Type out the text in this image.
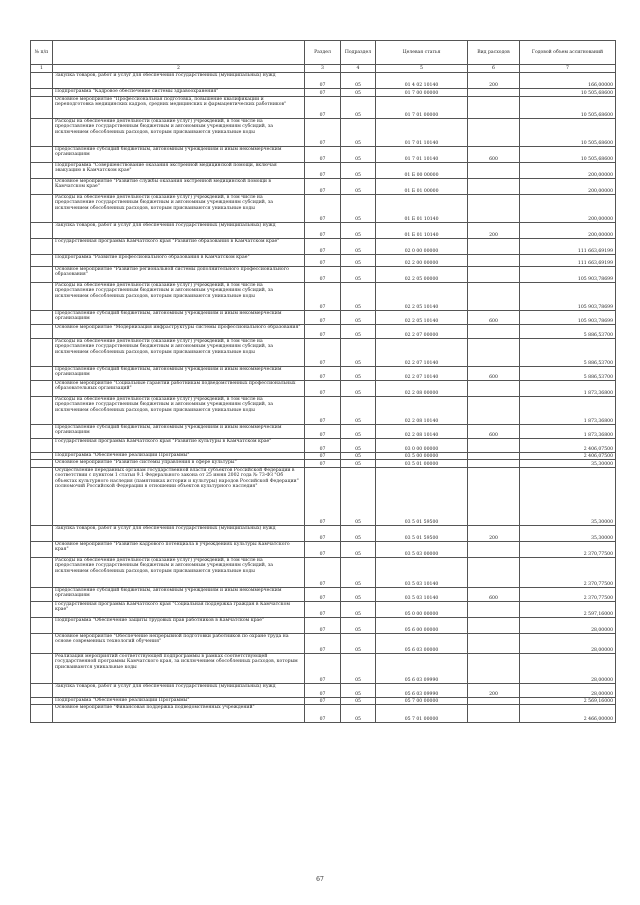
№ п/п		Раздел	Подраздел	Целевая статья	Вид расходов	Годовой объем ассигнований
1	2	3	4	5	6	7
	Закупка товаров, работ и услуг для обеспечения государственных (муниципальных) нужд	07	05	01 4 02 10140	200	166,00000
	Подпрограмма "Кадровое обеспечение системы здравоохранения"	07	05	01 7 00 00000		10 505,68600
	Основное мероприятие "Профессиональная подготовка, повышение квалификации и переподготовка медицинских кадров, средних медицинских и фармацевтических работников"	07	05	01 7 01 00000		10 505,68600
	Расходы на обеспечение деятельности (оказание услуг) учреждений, в том числе на предоставление государственным бюджетным и автономным учреждениям субсидий, за исключением обособленных расходов, которым присваиваются уникальные коды	07	05	01 7 01 10140		10 505,68600
	Предоставление субсидий бюджетным, автономным учреждениям и иным некоммерческим организациям	07	05	01 7 01 10140	600	10 505,68600
	Подпрограмма "Совершенствование оказания экстренной медицинской помощи, включая эвакуацию в Камчатском крае"	07	05	01 Б 00 00000		200,00000
	Основное мероприятие "Развитие службы оказания экстренной медицинской помощи в Камчатском крае"	07	05	01 Б 01 00000		200,00000
	Расходы на обеспечение деятельности (оказание услуг) учреждений, в том числе на предоставление государственным бюджетным и автономным учреждениям субсидий, за исключением обособленных расходов, которым присваиваются уникальные коды	07	05	01 Б 01 10140		200,00000
	Закупка товаров, работ и услуг для обеспечения государственных (муниципальных) нужд	07	05	01 Б 01 10140	200	200,00000
	Государственная программа Камчатского края "Развитие образования в Камчатском крае"	07	05	02 0 00 00000		111 663,69199
	Подпрограмма "Развитие профессионального образования в Камчатском крае"	07	05	02 2 00 00000		111 663,69199
	Основное мероприятие "Развитие региональной системы дополнительного профессионального образования"	07	05	02 2 05 00000		105 903,78699
	Расходы на обеспечение деятельности (оказание услуг) учреждений, в том числе на предоставление государственным бюджетным и автономным учреждениям субсидий, за исключением обособленных расходов, которым присваиваются уникальные коды	07	05	02 2 05 10140		105 903,78699
	Предоставление субсидий бюджетным, автономным учреждениям и иным некоммерческим организациям	07	05	02 2 05 10140	600	105 903,78699
	Основное мероприятие "Модернизация инфраструктуры системы профессионального образования"	07	05	02 2 07 00000		5 886,53700
	Расходы на обеспечение деятельности (оказание услуг) учреждений, в том числе на предоставление государственным бюджетным и автономным учреждениям субсидий, за исключением обособленных расходов, которым присваиваются уникальные коды	07	05	02 2 07 10140		5 886,53700
	Предоставление субсидий бюджетным, автономным учреждениям и иным некоммерческим организациям	07	05	02 2 07 10140	600	5 886,53700
	Основное мероприятие "Социальные гарантии работникам подведомственных профессиональных образовательных организаций"	07	05	02 2 08 00000		1 873,36800
	Расходы на обеспечение деятельности (оказание услуг) учреждений, в том числе на предоставление государственным бюджетным и автономным учреждениям субсидий, за исключением обособленных расходов, которым присваиваются уникальные коды	07	05	02 2 08 10140		1 873,36800
	Предоставление субсидий бюджетным, автономным учреждениям и иным некоммерческим организациям	07	05	02 2 08 10140	600	1 873,36800
	Государственная программа Камчатского края "Развитие культуры в Камчатском крае"	07	05	03 0 00 00000		2 406,07500
	Подпрограмма "Обеспечение реализации Программы"	07	05	03 5 00 00000		2 406,07500
	Основное мероприятие "Развитие системы управления в сфере культуры"	07	05	03 5 01 00000		35,30000
	Осуществление переданных органам государственной власти субъектов Российской Федерации в соответствии с пунктом 1 статьи 9.1 Федерального закона от 25 июня 2002 года № 73-ФЗ "Об объектах культурного наследия (памятниках истории и культуры) народов Российской Федерации" полномочий Российской Федерации в отношении объектов культурного наследия"	07	05	03 5 01 59500		35,30000
	Закупка товаров, работ и услуг для обеспечения государственных (муниципальных) нужд	07	05	03 5 01 59500	200	35,30000
	Основное мероприятие "Развитие кадрового потенциала в учреждениях культуры Камчатского края"	07	05	03 5 03 00000		2 370,77500
	Расходы на обеспечение деятельности (оказание услуг) учреждений, в том числе на предоставление государственным бюджетным и автономным учреждениям субсидий, за исключением обособленных расходов, которым присваиваются уникальные коды	07	05	03 5 03 10140		2 370,77500
	Предоставление субсидий бюджетным, автономным учреждениям и иным некоммерческим организациям	07	05	03 5 03 10140	600	2 370,77500
	Государственная программа Камчатского края "Социальная поддержка граждан в Камчатском крае"	07	05	05 0 00 00000		2 597,16000
	Подпрограмма "Обеспечение защиты трудовых прав работников в Камчатском крае"	07	05	05 6 00 00000		28,00000
	Основное мероприятие "Обеспечение непрерывной подготовки работников по охране труда на основе современных технологий обучения"	07	05	05 6 03 00000		28,00000
	Реализация мероприятий соответствующей подпрограммы в рамках соответствующей государственной программы Камчатского края, за исключением обособленных расходов, которым присваиваются уникальные коды	07	05	05 6 03 09990		28,00000
	Закупка товаров, работ и услуг для обеспечения государственных (муниципальных) нужд	07	05	05 6 03 09990	200	28,00000
	Подпрограмма "Обеспечение реализации Программы"	07	05	05 7 00 00000		2 569,16000
	Основное мероприятие "Финансовая поддержка подведомственных учреждений"	07	05	05 7 01 00000		2 466,00000
67
